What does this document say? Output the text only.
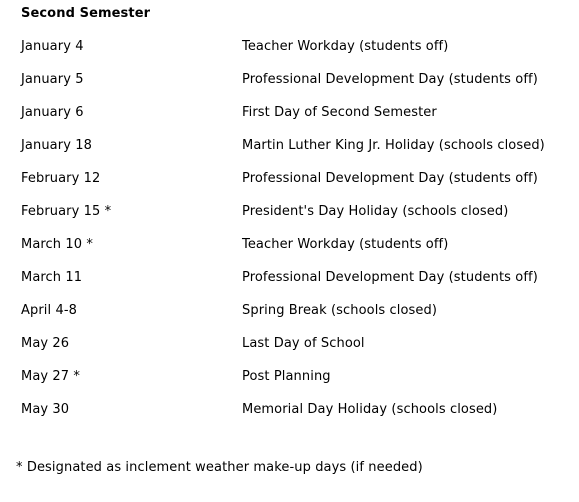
Second Semester
January 4	Teacher Workday (students off)
January 5	Professional Development Day (students off)
January 6	First Day of Second Semester
January 18	Martin Luther King Jr. Holiday (schools closed)
February 12	Professional Development Day (students off)
February 15 *	President's Day Holiday (schools closed)
March 10 *	Teacher Workday (students off)
March 11	Professional Development Day (students off)
April 4-8	Spring Break (schools closed)
May 26	Last Day of School
May 27 *	Post Planning
May 30	Memorial Day Holiday (schools closed)
* Designated as inclement weather make-up days (if needed)
